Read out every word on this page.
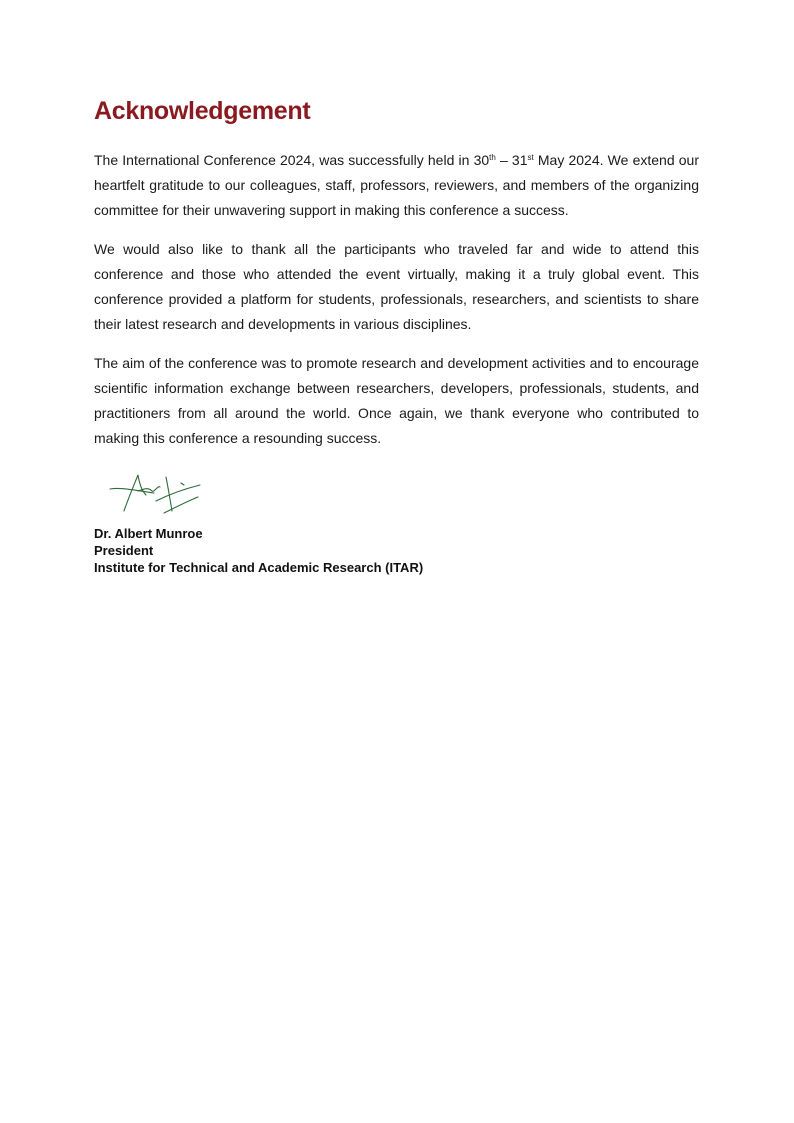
Acknowledgement

The International Conference 2024, was successfully held in 30th – 31st May 2024. We extend our heartfelt gratitude to our colleagues, staff, professors, reviewers, and members of the organizing committee for their unwavering support in making this conference a success.

We would also like to thank all the participants who traveled far and wide to attend this conference and those who attended the event virtually, making it a truly global event. This conference provided a platform for students, professionals, researchers, and scientists to share their latest research and developments in various disciplines.

The aim of the conference was to promote research and development activities and to encourage scientific information exchange between researchers, developers, professionals, students, and practitioners from all around the world. Once again, we thank everyone who contributed to making this conference a resounding success.

Dr. Albert Munroe
President
Institute for Technical and Academic Research (ITAR)
